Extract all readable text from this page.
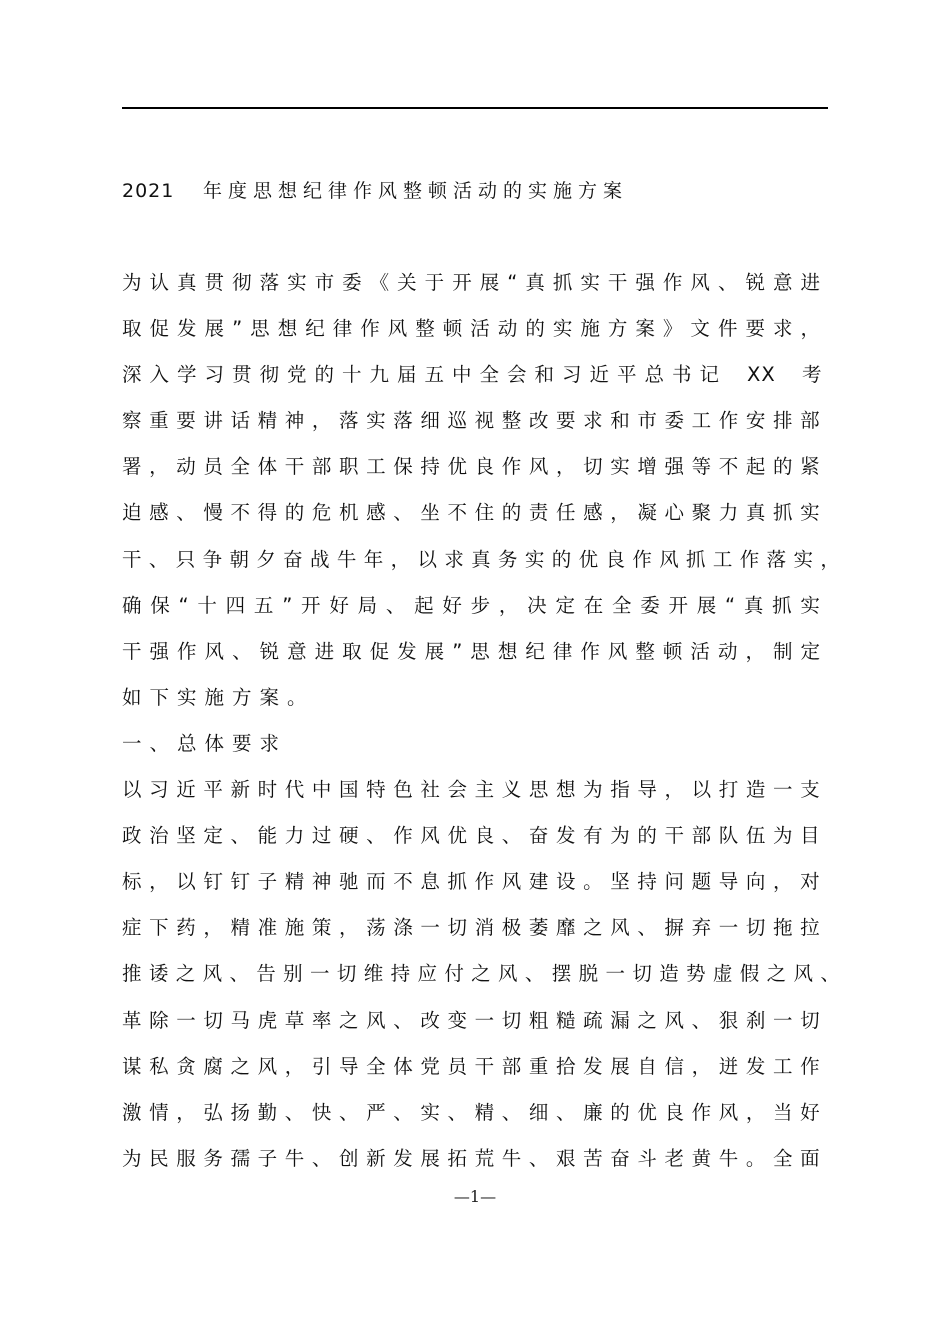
2021 年度思想纪律作风整顿活动的实施方案
为 认 真 贯 彻 落 实 市 委 《 关 于 开 展 “ 真 抓 实 干 强 作 风 、 锐 意 进
取 促 发 展 ” 思 想 纪 律 作 风 整 顿 活 动 的 实 施 方 案 》 文 件 要 求 ，
深入学习贯彻党的十九届五中全会和习近平总书记 XX 考
察 重 要 讲 话 精 神 ， 落 实 落 细 巡 视 整 改 要 求 和 市 委 工 作 安 排 部
署 ， 动 员 全 体 干 部 职 工 保 持 优 良 作 风 ， 切 实 增 强 等 不 起 的 紧
迫 感 、 慢 不 得 的 危 机 感 、 坐 不 住 的 责 任 感 ， 凝 心 聚 力 真 抓 实
干 、 只 争 朝 夕 奋 战 牛 年 ， 以 求 真 务 实 的 优 良 作 风 抓 工 作 落 实 ，
确 保 “ 十 四 五 ” 开 好 局 、 起 好 步 ， 决 定 在 全 委 开 展 “ 真 抓 实
干 强 作 风 、 锐 意 进 取 促 发 展 ” 思 想 纪 律 作 风 整 顿 活 动 ， 制 定
如下实施方案。
一、总体要求
以 习 近 平 新 时 代 中 国 特 色 社 会 主 义 思 想 为 指 导 ， 以 打 造 一 支
政 治 坚 定 、 能 力 过 硬 、 作 风 优 良 、 奋 发 有 为 的 干 部 队 伍 为 目
标 ， 以 钉 钉 子 精 神 驰 而 不 息 抓 作 风 建 设 。 坚 持 问 题 导 向 ， 对
症 下 药 ， 精 准 施 策 ， 荡 涤 一 切 消 极 萎 靡 之 风 、 摒 弃 一 切 拖 拉
推 诿 之 风 、 告 别 一 切 维 持 应 付 之 风 、 摆 脱 一 切 造 势 虚 假 之 风 、
革 除 一 切 马 虎 草 率 之 风 、 改 变 一 切 粗 糙 疏 漏 之 风 、 狠 刹 一 切
谋 私 贪 腐 之 风 ， 引 导 全 体 党 员 干 部 重 拾 发 展 自 信 ， 迸 发 工 作
激 情 ， 弘 扬 勤 、 快 、 严 、 实 、 精 、 细 、 廉 的 优 良 作 风 ， 当 好
为 民 服 务 孺 子 牛 、 创 新 发 展 拓 荒 牛 、 艰 苦 奋 斗 老 黄 牛 。 全 面
—1—
